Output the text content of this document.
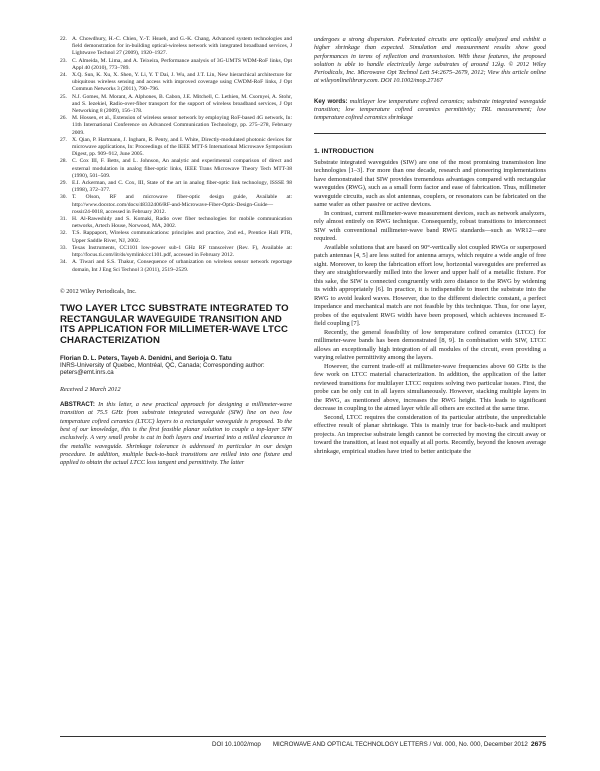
22. A. Chowdhury, H.-C. Chien, Y.-T. Hsueh, and G.-K. Chang, Advanced system technologies and field demonstration for in-building optical-wireless network with integrated broadband services, J Lightwave Technol 27 (2009), 1920–1927.
23. C. Almeida, M. Lima, and A. Teixeira, Performance analysis of 3G-UMTS WDM-RoF links, Opt Appl 40 (2010), 773–789.
24. X.Q. Sun, K. Xu, X. Shen, Y. Li, Y. T Dai, J. Wu, and J.T. Lin, New hierarchical architecture for ubiquitous wireless sensing and access with improved coverage using CWDM-RoF links, J Opt Commun Networks 3 (2011), 790–796.
25. N.J. Gomes, M. Morant, A. Alphones, B. Cabon, J.E. Mitchell, C. Lethien, M. Csornyei, A. Stohr, and S. Iezekiel, Radio-over-fiber transport for the support of wireless broadband services, J Opt Networking 8 (2009), 156–178.
26. M. Hossen, et al., Extension of wireless sensor network by employing RoF-based 4G network, In: 11th International Conference on Advanced Communication Technology, pp. 275–278, February 2009.
27. X. Qian, P. Hartmann, J. Ingham, R. Penty, and I. White, Directly-modulated photonic devices for microwave applications, In: Proceedings of the IEEE MTT-S International Microwave Symposium Digest, pp. 909–912, June 2005.
28. C. Cox III, F. Betts, and L. Johnson, An analytic and experimental comparison of direct and external modulation in analog fiber-optic links, IEEE Trans Microwave Theory Tech MTT-38 (1990), 501–509.
29. E.I. Ackerman, and C. Cox, III, State of the art in analog fiber-optic link technology, ISSSE 98 (1998), 372–377.
30. T. Olson, RF and microwave fiber-optic design guide, Available at: http://www.docstoc.com/docs/48332406/RF-and-Microwave-Fiber-Optic-Design-Guide—rossir24-0018, accessed in February 2012.
31. H. Al-Raweshidy and S. Komaki, Radio over fiber technologies for mobile communication networks, Artech House, Norwood, MA, 2002.
32. T.S. Rappaport, Wireless communications: principles and practice, 2nd ed., Prentice Hall PTR, Upper Saddle River, NJ, 2002.
33. Texas Instruments, CC1101 low-power sub-1 GHz RF transceiver (Rev. F), Available at: http://focus.ti.com/lit/ds/symlink/cc1101.pdf, accessed in February 2012.
34. A. Tiwari and S.S. Thakur, Consequence of urbanization on wireless sensor network reportage domain, Int J Eng Sci Technol 3 (2011), 2519–2529.
© 2012 Wiley Periodicals, Inc.
TWO LAYER LTCC SUBSTRATE INTEGRATED TO RECTANGULAR WAVEGUIDE TRANSITION AND ITS APPLICATION FOR MILLIMETER-WAVE LTCC CHARACTERIZATION

Florian D. L. Peters, Tayeb A. Denidni, and Serioja O. Tatu

INRS-University of Quebec, Montréal, QC, Canada; Corresponding author: peters@emt.inrs.ca

Received 2 March 2012

ABSTRACT: In this letter, a new practical approach for designing a millimeter-wave transition at 75.5 GHz from substrate integrated waveguide (SIW) line on two low temperature cofired ceramics (LTCC) layers to a rectangular waveguide is proposed. To the best of our knowledge, this is the first feasible planar solution to couple a top-layer SIW exclusively. A very small probe is cut in both layers and inserted into a milled clearance in the metallic waveguide. Shrinkage tolerance is addressed in particular in our design procedure. In addition, multiple back-to-back transitions are milled into one fixture and applied to obtain the actual LTCC loss tangent and permittivity. The latter

undergoes a strong dispersion. Fabricated circuits are optically analyzed and exhibit a higher shrinkage than expected. Simulation and measurement results show good performances in terms of reflection and transmission. With these features, the proposed solution is able to handle electrically large substrates of around 12λg. © 2012 Wiley Periodicals, Inc. Microwave Opt Technol Lett 54:2675–2679, 2012; View this article online at wileyonlinelibrary.com. DOI 10.1002/mop.27167

Key words: multilayer low temperature cofired ceramics; substrate integrated waveguide transition; low temperature cofired ceramics permittivity; TRL measurement; low temperature cofired ceramics shrinkage

1. INTRODUCTION

Substrate integrated waveguides (SIW) are one of the most promising transmission line technologies [1–3]. For more than one decade, research and pioneering implementations have demonstrated that SIW provides tremendous advantages compared with rectangular waveguides (RWG), such as a small form factor and ease of fabrication. Thus, millimeter waveguide circuits, such as slot antennas, couplers, or resonators can be fabricated on the same wafer as other passive or active devices.

In contrast, current millimeter-wave measurement devices, such as network analyzers, rely almost entirely on RWG technique. Consequently, robust transitions to interconnect SIW with conventional millimeter-wave band RWG standards—such as WR12—are required.

Available solutions that are based on 90°-vertically slot coupled RWGs or superposed patch antennas [4, 5] are less suited for antenna arrays, which require a wide angle of free sight. Moreover, to keep the fabrication effort low, horizontal waveguides are preferred as they are straightforwardly milled into the lower and upper half of a metallic fixture. For this sake, the SIW is connected congruently with zero distance to the RWG by widening its width appropriately [6]. In practice, it is indispensible to insert the substrate into the RWG to avoid leaked waves. However, due to the different dielectric constant, a perfect impedance and mechanical match are not feasible by this technique. Thus, for one layer, probes of the equivalent RWG width have been proposed, which achieves increased E-field coupling [7].

Recently, the general feasibility of low temperature cofired ceramics (LTCC) for millimeter-wave bands has been demonstrated [8, 9]. In combination with SIW, LTCC allows an exceptionally high integration of all modules of the circuit, even providing a varying relative permittivity among the layers.

However, the current trade-off at millimeter-wave frequencies above 60 GHz is the few work on LTCC material characterization. In addition, the application of the latter reviewed transitions for multilayer LTCC requires solving two particular issues. First, the probe can be only cut in all layers simultaneously. However, stacking multiple layers in the RWG, as mentioned above, increases the RWG height. This leads to significant decrease in coupling to the aimed layer while all others are excited at the same time.

Second, LTCC requires the consideration of its particular attribute, the unpredictable effective result of planar shrinkage. This is mainly true for back-to-back and multiport projects. An imprecise substrate length cannot be corrected by moving the circuit away or toward the transition, at least not equally at all ports. Recently, beyond the known average shrinkage, empirical studies have tried to better anticipate the

DOI 10.1002/mop MICROWAVE AND OPTICAL TECHNOLOGY LETTERS / Vol. 000, No. 000, December 2012 2675
